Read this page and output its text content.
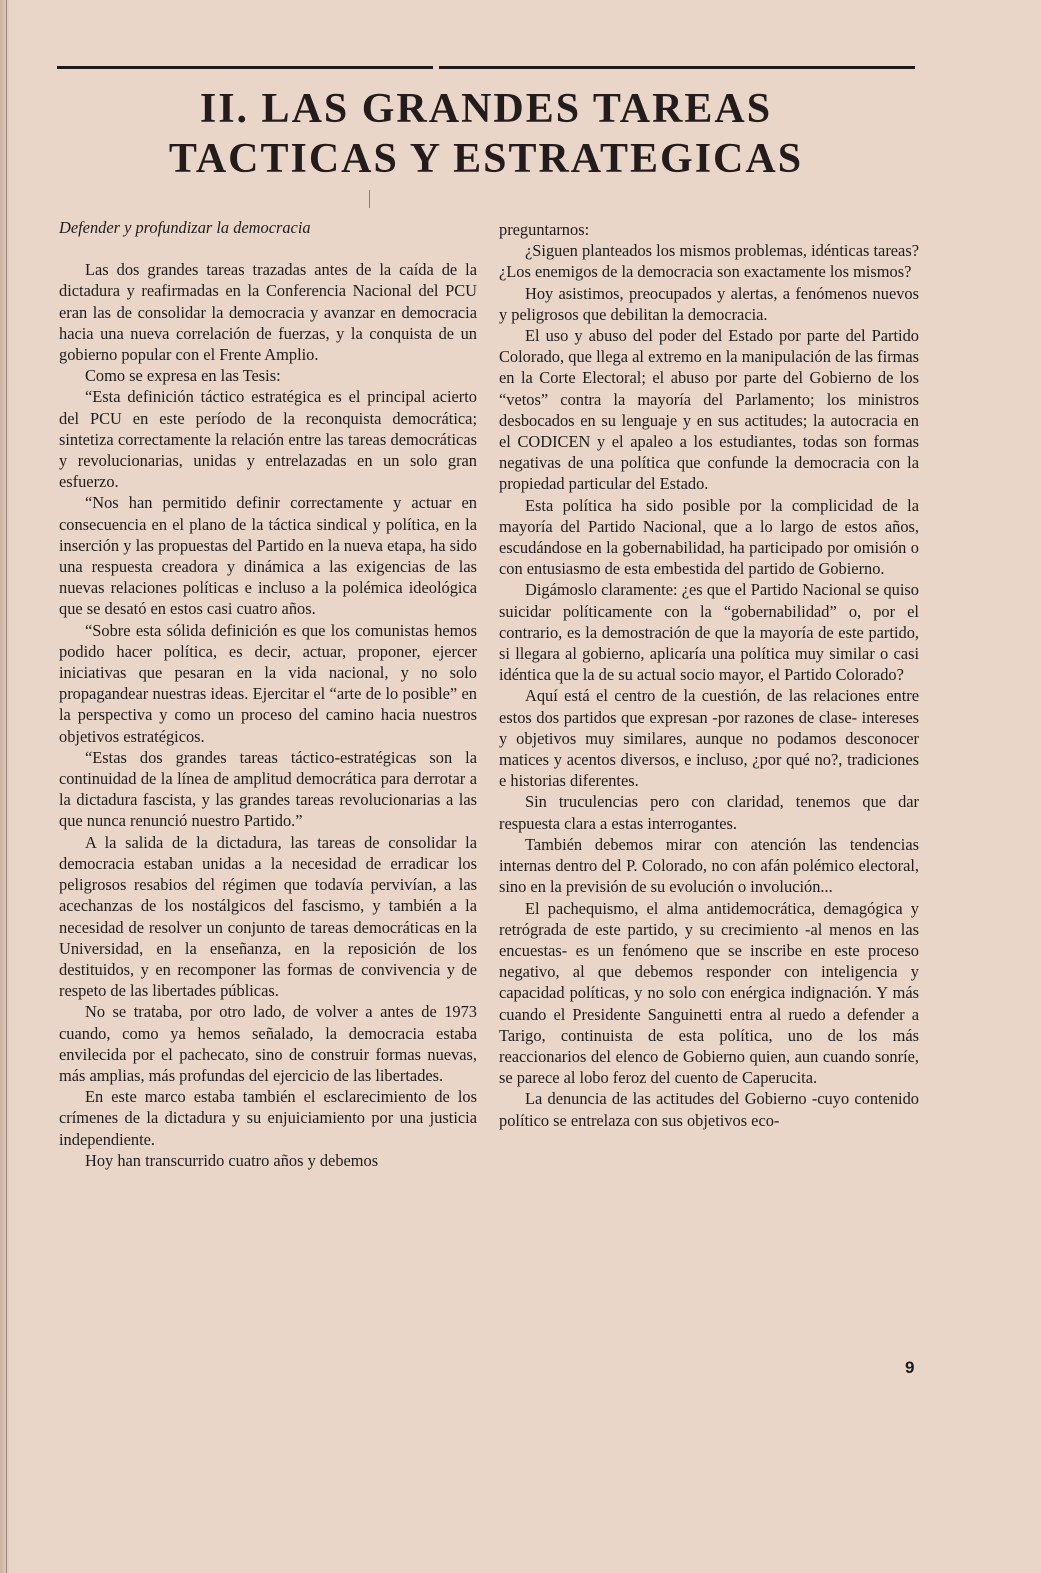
II. LAS GRANDES TAREAS
TACTICAS Y ESTRATEGICAS
Defender y profundizar la democracia

Las dos grandes tareas trazadas antes de la caída de la dictadura y reafirmadas en la Conferencia Nacional del PCU eran las de consolidar la democracia y avanzar en democracia hacia una nueva correlación de fuerzas, y la conquista de un gobierno popular con el Frente Amplio.

Como se expresa en las Tesis:

“Esta definición táctico estratégica es el principal acierto del PCU en este período de la reconquista democrática; sintetiza correctamente la relación entre las tareas democráticas y revolucionarias, unidas y entrelazadas en un solo gran esfuerzo.

“Nos han permitido definir correctamente y actuar en consecuencia en el plano de la táctica sindical y política, en la inserción y las propuestas del Partido en la nueva etapa, ha sido una respuesta creadora y dinámica a las exigencias de las nuevas relaciones políticas e incluso a la polémica ideológica que se desató en estos casi cuatro años.

“Sobre esta sólida definición es que los comunistas hemos podido hacer política, es decir, actuar, proponer, ejercer iniciativas que pesaran en la vida nacional, y no solo propagandear nuestras ideas. Ejercitar el “arte de lo posible” en la perspectiva y como un proceso del camino hacia nuestros objetivos estratégicos.

“Estas dos grandes tareas táctico-estratégicas son la continuidad de la línea de amplitud democrática para derrotar a la dictadura fascista, y las grandes tareas revolucionarias a las que nunca renunció nuestro Partido.”

A la salida de la dictadura, las tareas de consolidar la democracia estaban unidas a la necesidad de erradicar los peligrosos resabios del régimen que todavía pervivían, a las acechanzas de los nostálgicos del fascismo, y también a la necesidad de resolver un conjunto de tareas democráticas en la Universidad, en la enseñanza, en la reposición de los destituidos, y en recomponer las formas de convivencia y de respeto de las libertades públicas.

No se trataba, por otro lado, de volver a antes de 1973 cuando, como ya hemos señalado, la democracia estaba envilecida por el pachecato, sino de construir formas nuevas, más amplias, más profundas del ejercicio de las libertades.

En este marco estaba también el esclarecimiento de los crímenes de la dictadura y su enjuiciamiento por una justicia independiente.

Hoy han transcurrido cuatro años y debemos

preguntarnos:

¿Siguen planteados los mismos problemas, idénticas tareas? ¿Los enemigos de la democracia son exactamente los mismos?

Hoy asistimos, preocupados y alertas, a fenómenos nuevos y peligrosos que debilitan la democracia.

El uso y abuso del poder del Estado por parte del Partido Colorado, que llega al extremo en la manipulación de las firmas en la Corte Electoral; el abuso por parte del Gobierno de los “vetos” contra la mayoría del Parlamento; los ministros desbocados en su lenguaje y en sus actitudes; la autocracia en el CODICEN y el apaleo a los estudiantes, todas son formas negativas de una política que confunde la democracia con la propiedad particular del Estado.

Esta política ha sido posible por la complicidad de la mayoría del Partido Nacional, que a lo largo de estos años, escudándose en la gobernabilidad, ha participado por omisión o con entusiasmo de esta embestida del partido de Gobierno.

Digámoslo claramente: ¿es que el Partido Nacional se quiso suicidar políticamente con la “gobernabilidad” o, por el contrario, es la demostración de que la mayoría de este partido, si llegara al gobierno, aplicaría una política muy similar o casi idéntica que la de su actual socio mayor, el Partido Colorado?

Aquí está el centro de la cuestión, de las relaciones entre estos dos partidos que expresan -por razones de clase- intereses y objetivos muy similares, aunque no podamos desconocer matices y acentos diversos, e incluso, ¿por qué no?, tradiciones e historias diferentes.

Sin truculencias pero con claridad, tenemos que dar respuesta clara a estas interrogantes.

También debemos mirar con atención las tendencias internas dentro del P. Colorado, no con afán polémico electoral, sino en la previsión de su evolución o involución...

El pachequismo, el alma antidemocrática, demagógica y retrógrada de este partido, y su crecimiento -al menos en las encuestas- es un fenómeno que se inscribe en este proceso negativo, al que debemos responder con inteligencia y capacidad políticas, y no solo con enérgica indignación. Y más cuando el Presidente Sanguinetti entra al ruedo a defender a Tarigo, continuista de esta política, uno de los más reaccionarios del elenco de Gobierno quien, aun cuando sonríe, se parece al lobo feroz del cuento de Caperucita.

La denuncia de las actitudes del Gobierno -cuyo contenido político se entrelaza con sus objetivos eco-

9
